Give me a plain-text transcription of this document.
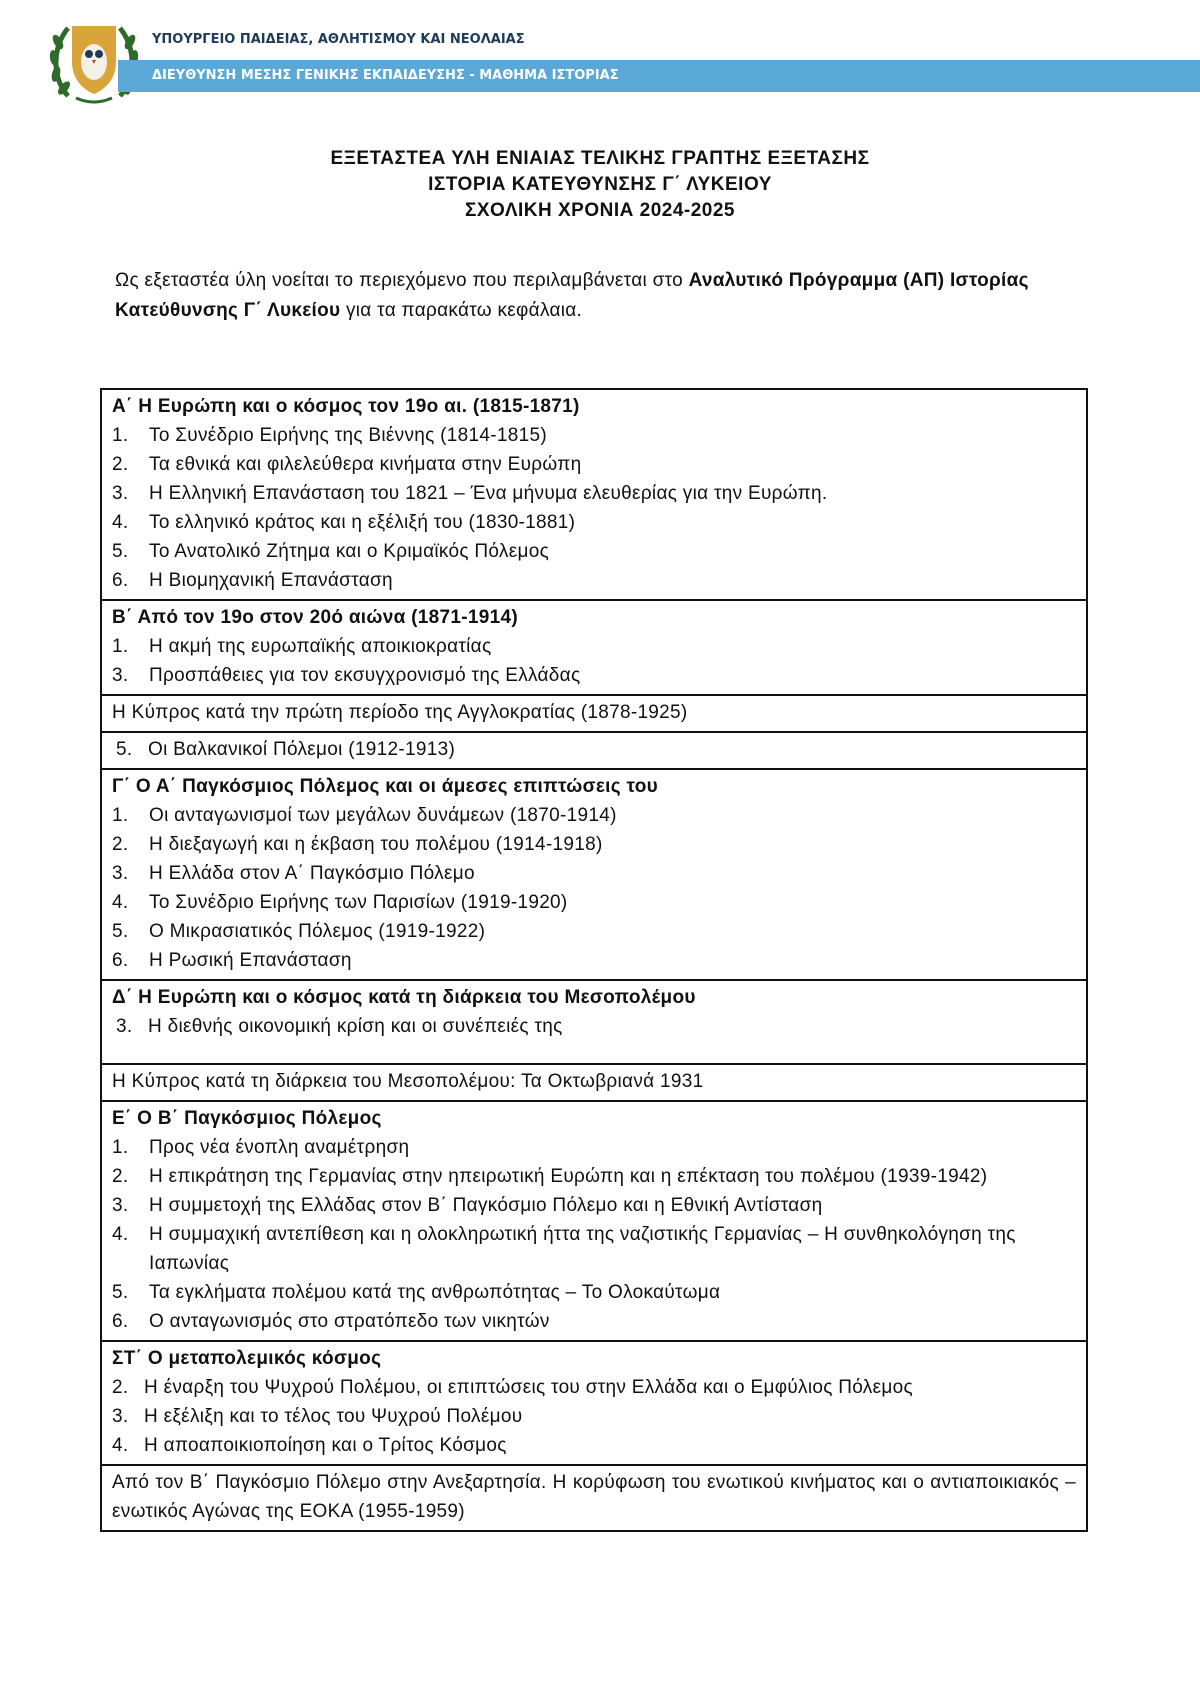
ΥΠΟΥΡΓΕΙΟ ΠΑΙΔΕΙΑΣ, ΑΘΛΗΤΙΣΜΟΥ ΚΑΙ ΝΕΟΛΑΙΑΣ
ΔΙΕΥΘΥΝΣΗ ΜΕΣΗΣ ΓΕΝΙΚΗΣ ΕΚΠΑΙΔΕΥΣΗΣ - ΜΑΘΗΜΑ ΙΣΤΟΡΙΑΣ
ΕΞΕΤΑΣΤΕΑ ΥΛΗ ΕΝΙΑΙΑΣ ΤΕΛΙΚΗΣ ΓΡΑΠΤΗΣ ΕΞΕΤΑΣΗΣ
ΙΣΤΟΡΙΑ ΚΑΤΕΥΘΥΝΣΗΣ Γ΄ ΛΥΚΕΙΟΥ
ΣΧΟΛΙΚΗ ΧΡΟΝΙΑ 2024-2025
Ως εξεταστέα ύλη νοείται το περιεχόμενο που περιλαμβάνεται στο Αναλυτικό Πρόγραμμα (ΑΠ) Ιστορίας Κατεύθυνσης Γ΄ Λυκείου για τα παρακάτω κεφάλαια.
Α΄ Η Ευρώπη και ο κόσμος τον 19ο αι. (1815-1871)
1.	Το Συνέδριο Ειρήνης της Βιέννης (1814-1815)
2.	Τα εθνικά και φιλελεύθερα κινήματα στην Ευρώπη
3.	Η Ελληνική Επανάσταση του 1821 – Ένα μήνυμα ελευθερίας για την Ευρώπη.
4.	Το ελληνικό κράτος και η εξέλιξή του (1830-1881)
5.	Το Ανατολικό Ζήτημα και ο Κριμαϊκός Πόλεμος
6.	Η Βιομηχανική Επανάσταση

Β΄ Από τον 19ο στον 20ό αιώνα (1871-1914)
1.	Η ακμή της ευρωπαϊκής αποικιοκρατίας
3.	Προσπάθειες για τον εκσυγχρονισμό της Ελλάδας

Η Κύπρος κατά την πρώτη περίοδο της Αγγλοκρατίας (1878-1925)

5. Οι Βαλκανικοί Πόλεμοι (1912-1913)

Γ΄ Ο Α΄ Παγκόσμιος Πόλεμος και οι άμεσες επιπτώσεις του
1.	Οι ανταγωνισμοί των μεγάλων δυνάμεων (1870-1914)
2.	Η διεξαγωγή και η έκβαση του πολέμου (1914-1918)
3.	Η Ελλάδα στον Α΄ Παγκόσμιο Πόλεμο
4.	Το Συνέδριο Ειρήνης των Παρισίων (1919-1920)
5.	Ο Μικρασιατικός Πόλεμος (1919-1922)
6.	Η Ρωσική Επανάσταση

Δ΄ Η Ευρώπη και ο κόσμος κατά τη διάρκεια του Μεσοπολέμου
3. Η διεθνής οικονομική κρίση και οι συνέπειές της

Η Κύπρος κατά τη διάρκεια του Μεσοπολέμου: Τα Οκτωβριανά 1931

Ε΄ Ο Β΄ Παγκόσμιος Πόλεμος
1.	Προς νέα ένοπλη αναμέτρηση
2.	Η επικράτηση της Γερμανίας στην ηπειρωτική Ευρώπη και η επέκταση του πολέμου (1939-1942)
3.	Η συμμετοχή της Ελλάδας στον Β΄ Παγκόσμιο Πόλεμο και η Εθνική Αντίσταση
4.	Η συμμαχική αντεπίθεση και η ολοκληρωτική ήττα της ναζιστικής Γερμανίας – Η συνθηκολόγηση της Ιαπωνίας
5.	Τα εγκλήματα πολέμου κατά της ανθρωπότητας – Το Ολοκαύτωμα
6.	Ο ανταγωνισμός στο στρατόπεδο των νικητών

ΣΤ΄ Ο μεταπολεμικός κόσμος
2. Η έναρξη του Ψυχρού Πολέμου, οι επιπτώσεις του στην Ελλάδα και ο Εμφύλιος Πόλεμος
3. Η εξέλιξη και το τέλος του Ψυχρού Πολέμου
4. Η αποαποικιοποίηση και ο Τρίτος Κόσμος

Από τον Β΄ Παγκόσμιο Πόλεμο στην Ανεξαρτησία. Η κορύφωση του ενωτικού κινήματος και ο αντιαποικιακός – ενωτικός Αγώνας της ΕΟΚΑ (1955-1959)
